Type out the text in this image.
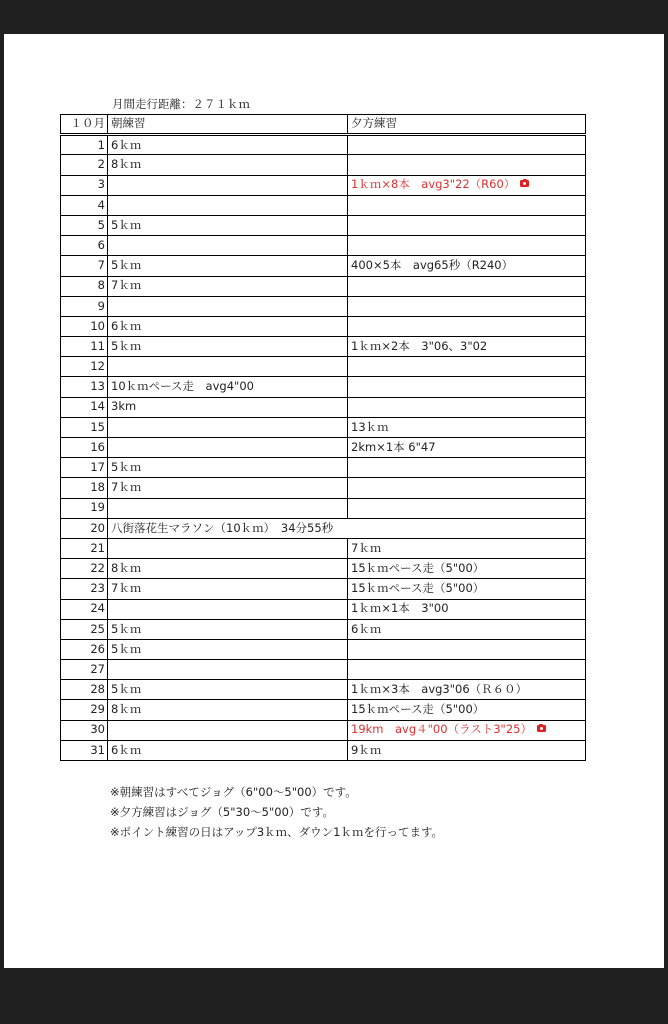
月間走行距離：２７１ｋｍ
１０月	朝練習	夕方練習
1	6ｋｍ	
2	8ｋｍ	
3		1ｋｍ×8本　avg3"22（R60）
4		
5	5ｋｍ	
6		
7	5ｋｍ	400×5本　avg65秒（R240）
8	7ｋｍ	
9		
10	6ｋｍ	
11	5ｋｍ	1ｋｍ×2本　3"06、3"02
12		
13	10ｋｍペース走　avg4"00	
14	3km	
15		13ｋｍ
16		2km×1本 6"47
17	5ｋｍ	
18	7ｋｍ	
19		
20	八街落花生マラソン（10ｋｍ）　34分55秒	
21		7ｋｍ
22	8ｋｍ	15ｋｍペース走（5"00）
23	7ｋｍ	15ｋｍペース走（5"00）
24		1ｋｍ×1本　3"00
25	5ｋｍ	6ｋｍ
26	5ｋｍ	
27		
28	5ｋｍ	1ｋｍ×3本　avg3"06（Ｒ６０）
29	8ｋｍ	15ｋｍペース走（5"00）
30		19km　avg４"00（ラスト3"25）
31	6ｋｍ	9ｋｍ
※朝練習はすべてジョグ（6"00～5"00）です。
※夕方練習はジョグ（5"30～5"00）です。
※ポイント練習の日はアップ3ｋｍ、ダウン1ｋｍを行ってます。
